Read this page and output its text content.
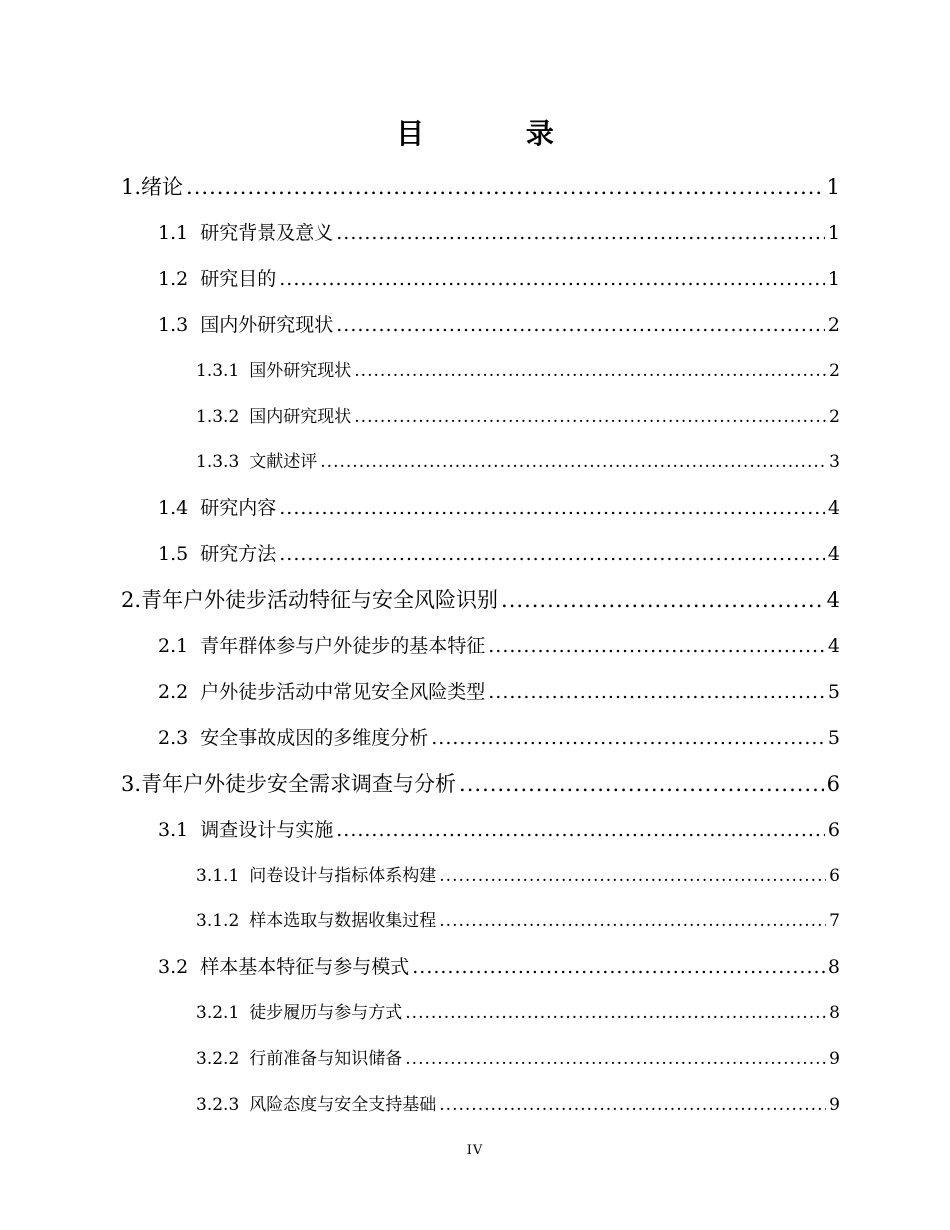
目 录
1. 绪论 .....	1
1.1 研究背景及意义 .....	1
1.2 研究目的 .....	1
1.3 国内外研究现状 .....	2
1.3.1 国外研究现状 .....	2
1.3.2 国内研究现状 .....	2
1.3.3 文献述评 .....	3
1.4 研究内容 .....	4
1.5 研究方法 .....	4
2. 青年户外徒步活动特征与安全风险识别 .....	4
2.1 青年群体参与户外徒步的基本特征 .....	4
2.2 户外徒步活动中常见安全风险类型 .....	5
2.3 安全事故成因的多维度分析 .....	5
3. 青年户外徒步安全需求调查与分析 .....	6
3.1 调查设计与实施 .....	6
3.1.1 问卷设计与指标体系构建 .....	6
3.1.2 样本选取与数据收集过程 .....	7
3.2 样本基本特征与参与模式 .....	8
3.2.1 徒步履历与参与方式 .....	8
3.2.2 行前准备与知识储备 .....	9
3.2.3 风险态度与安全支持基础 .....	9
IV
